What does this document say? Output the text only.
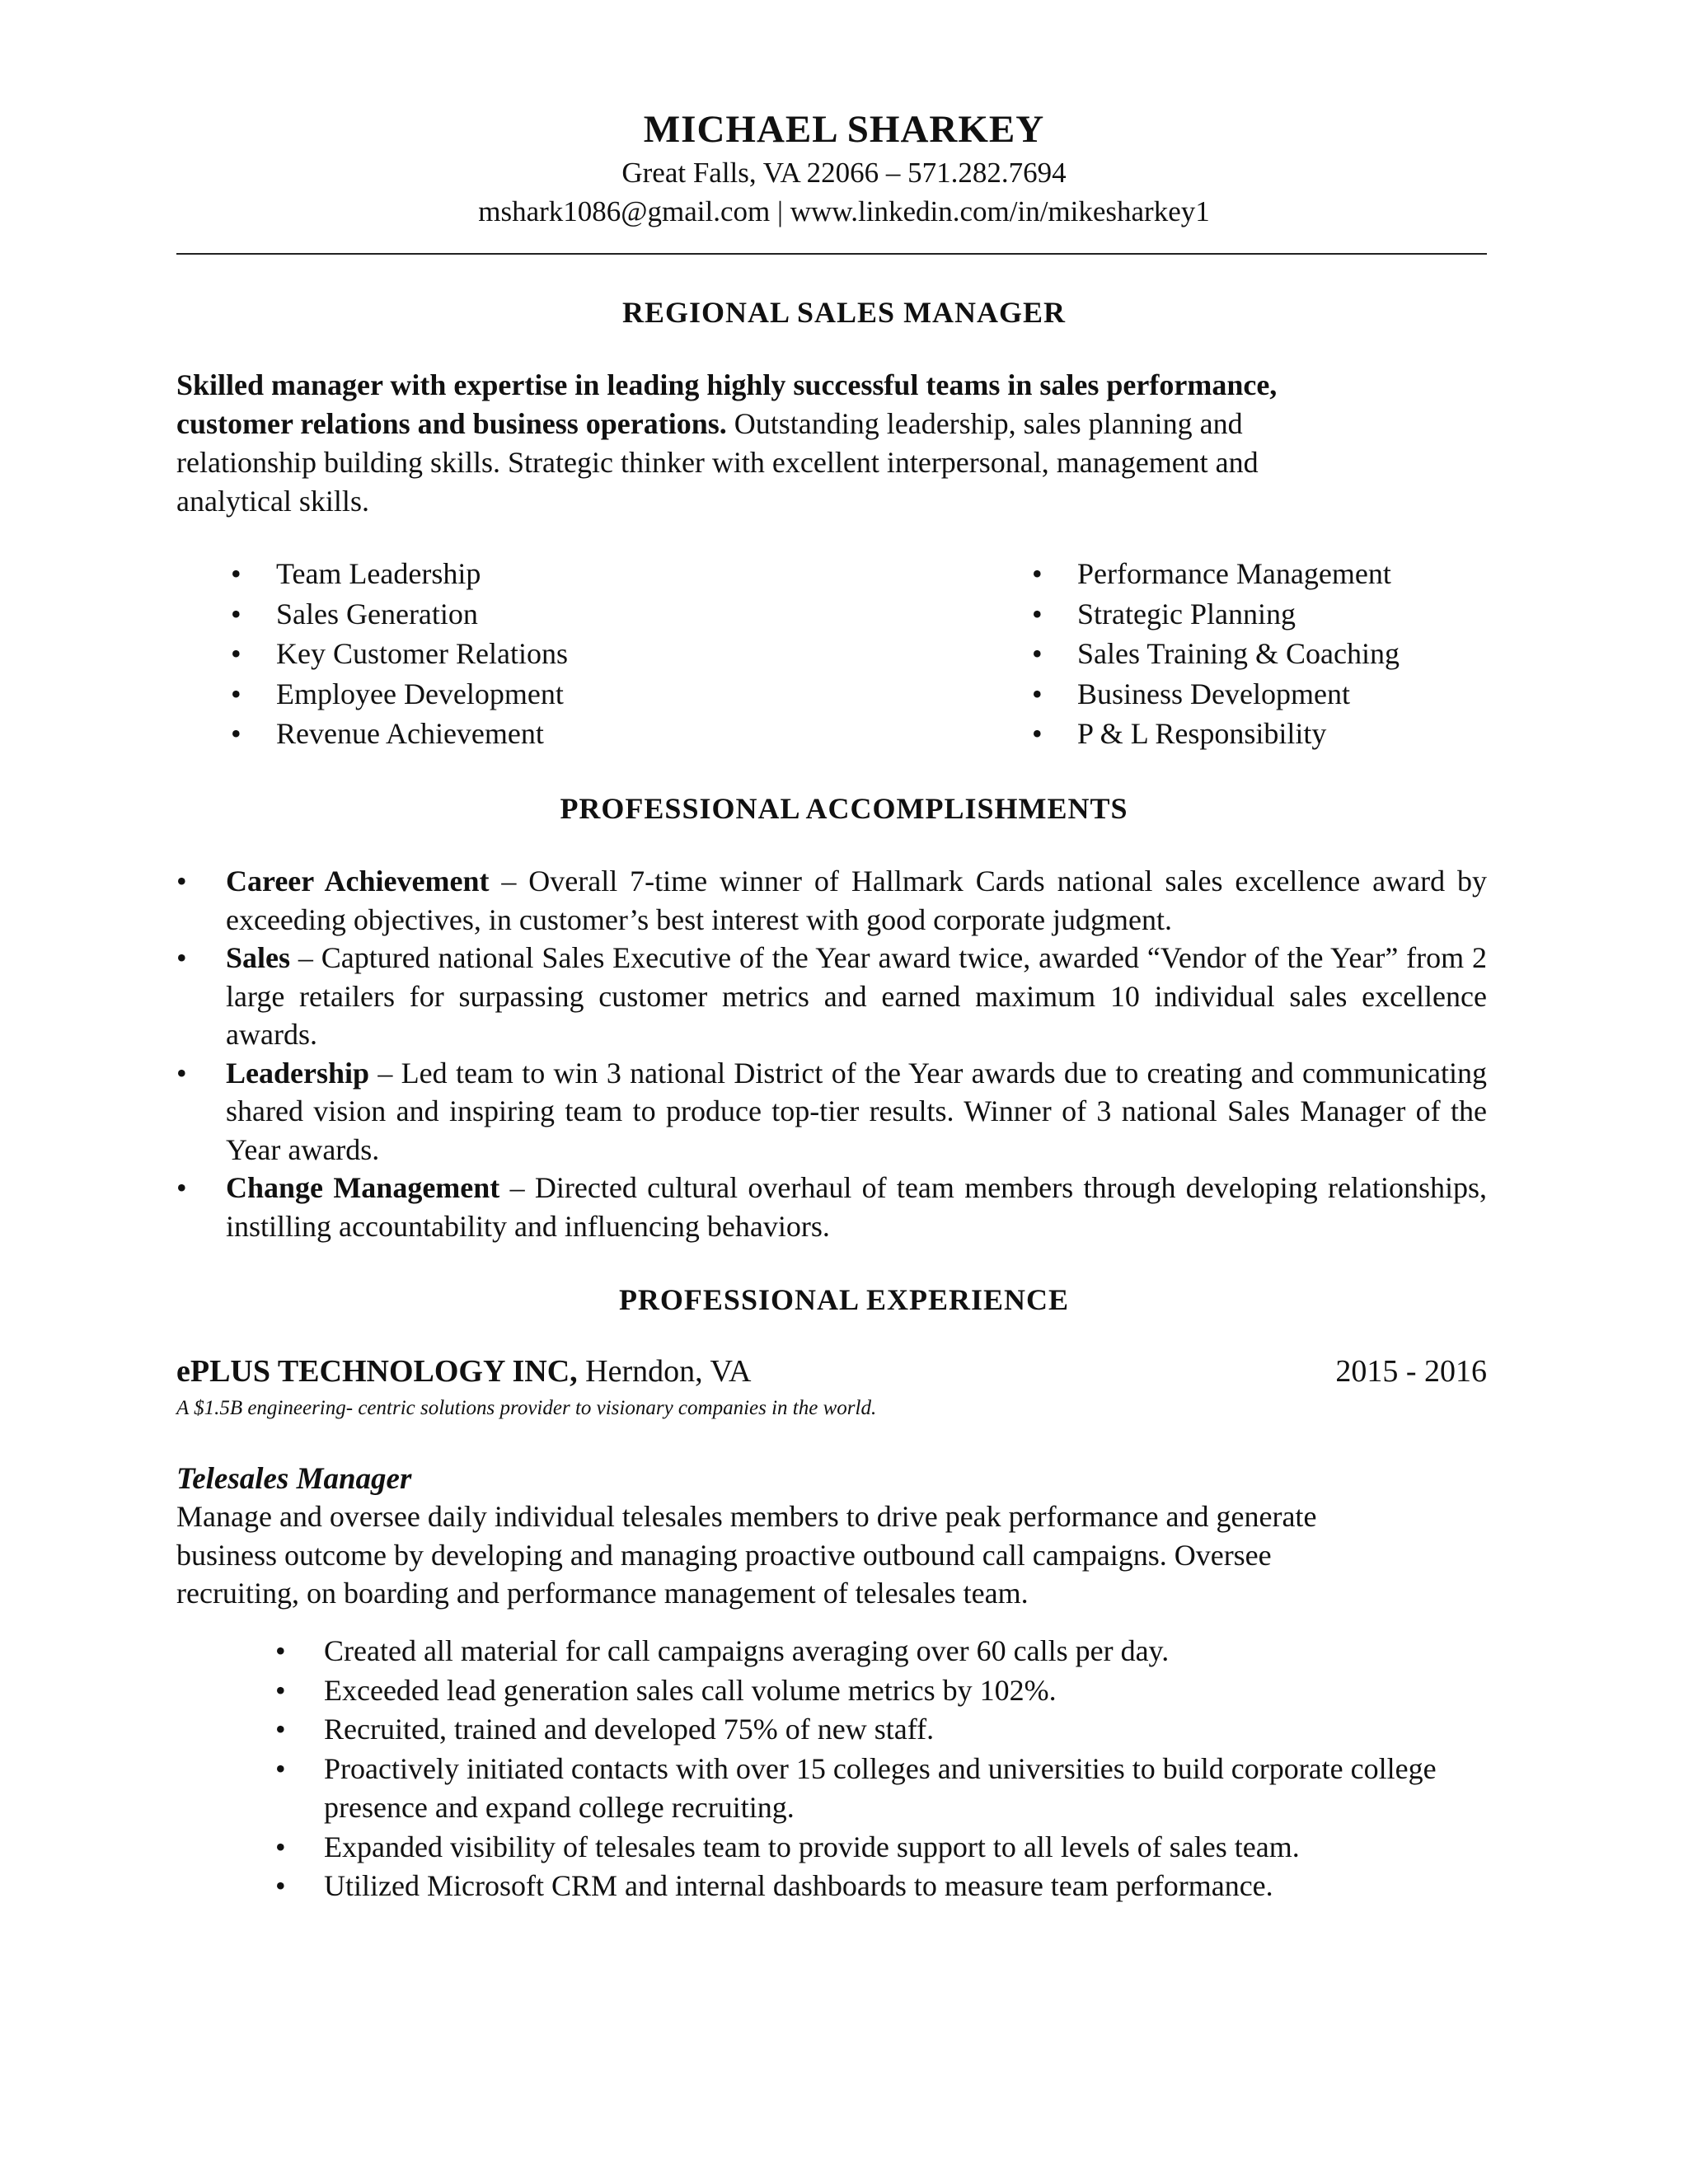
MICHAEL SHARKEY
Great Falls, VA 22066 – 571.282.7694
mshark1086@gmail.com | www.linkedin.com/in/mikesharkey1
REGIONAL SALES MANAGER
Skilled manager with expertise in leading highly successful teams in sales performance, customer relations and business operations. Outstanding leadership, sales planning and relationship building skills. Strategic thinker with excellent interpersonal, management and analytical skills.
• Team Leadership
• Sales Generation
• Key Customer Relations
• Employee Development
• Revenue Achievement
• Performance Management
• Strategic Planning
• Sales Training & Coaching
• Business Development
• P & L Responsibility
PROFESSIONAL ACCOMPLISHMENTS
• Career Achievement – Overall 7-time winner of Hallmark Cards national sales excellence award by exceeding objectives, in customer’s best interest with good corporate judgment.
• Sales – Captured national Sales Executive of the Year award twice, awarded “Vendor of the Year” from 2 large retailers for surpassing customer metrics and earned maximum 10 individual sales excellence awards.
• Leadership – Led team to win 3 national District of the Year awards due to creating and communicating shared vision and inspiring team to produce top-tier results. Winner of 3 national Sales Manager of the Year awards.
• Change Management – Directed cultural overhaul of team members through developing relationships, instilling accountability and influencing behaviors.
PROFESSIONAL EXPERIENCE
ePLUS TECHNOLOGY INC, Herndon, VA	2015 - 2016
A $1.5B engineering- centric solutions provider to visionary companies in the world.
Telesales Manager
Manage and oversee daily individual telesales members to drive peak performance and generate business outcome by developing and managing proactive outbound call campaigns. Oversee recruiting, on boarding and performance management of telesales team.
• Created all material for call campaigns averaging over 60 calls per day.
• Exceeded lead generation sales call volume metrics by 102%.
• Recruited, trained and developed 75% of new staff.
• Proactively initiated contacts with over 15 colleges and universities to build corporate college presence and expand college recruiting.
• Expanded visibility of telesales team to provide support to all levels of sales team.
• Utilized Microsoft CRM and internal dashboards to measure team performance.
